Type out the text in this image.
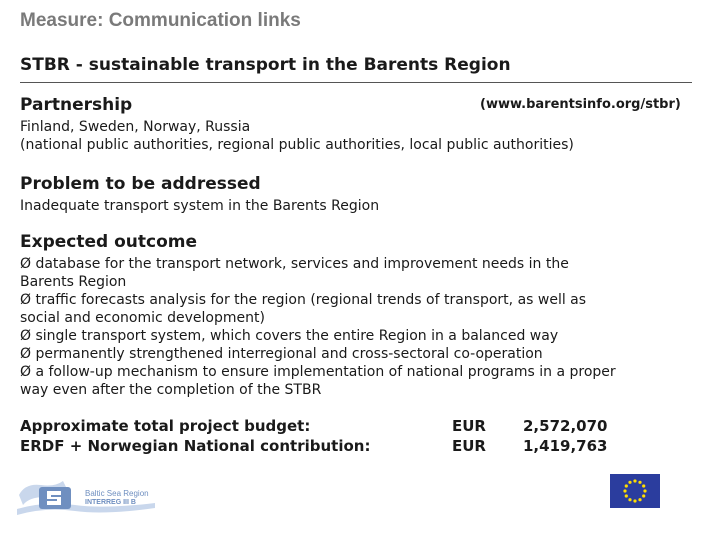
Measure: Communication links
STBR - sustainable transport in the Barents Region
Partnership	(www.barentsinfo.org/stbr)
Finland, Sweden, Norway, Russia
(national public authorities, regional public authorities, local public authorities)
Problem to be addressed
Inadequate transport system in the Barents Region
Expected outcome
Ø database for the transport network, services and improvement needs in the
Barents Region
Ø traffic forecasts analysis for the region (regional trends of transport, as well as
social and economic development)
Ø single transport system, which covers the entire Region in a balanced way
Ø permanently strengthened interregional and cross-sectoral co-operation
Ø a follow-up mechanism to ensure implementation of national programs in a proper
way even after the completion of the STBR
Approximate total project budget:	EUR 2,572,070
ERDF + Norwegian National contribution:	EUR 1,419,763
Baltic Sea Region
INTERREG III B
